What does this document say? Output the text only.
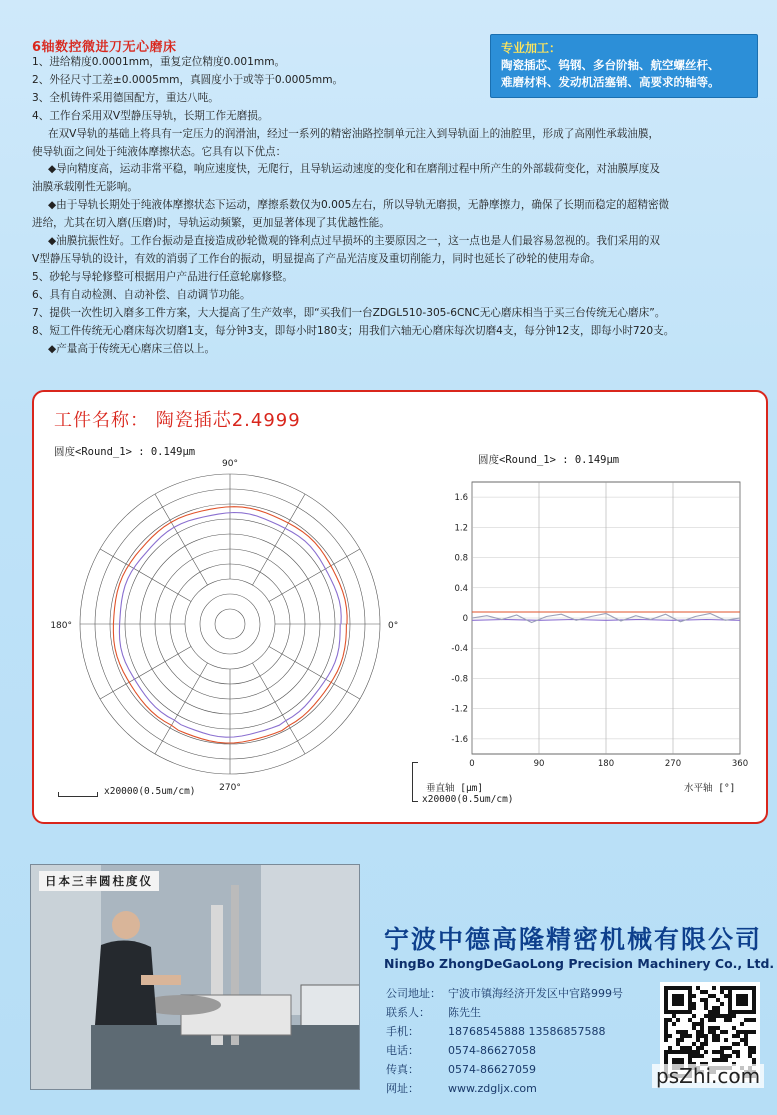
6轴数控微进刀无心磨床	专业加工：
陶瓷插芯、钨钢、多台阶轴、航空螺丝杆、
难磨材料、发动机活塞销、高要求的轴等。
1、进给精度0.0001mm，重复定位精度0.001mm。
2、外径尺寸工差±0.0005mm，真圆度小于或等于0.0005mm。
3、全机铸件采用德国配方，重达八吨。
4、工作台采用双V型静压导轨，长期工作无磨损。
在双V导轨的基础上将具有一定压力的润滑油，经过一系列的精密油路控制单元注入到导轨面上的油腔里，形成了高刚性承载油膜，
使导轨面之间处于纯液体摩擦状态。它具有以下优点：
◆导向精度高，运动非常平稳，响应速度快，无爬行，且导轨运动速度的变化和在磨削过程中所产生的外部载荷变化，对油膜厚度及
油膜承载刚性无影响。
◆由于导轨长期处于纯液体摩擦状态下运动，摩擦系数仅为0.005左右，所以导轨无磨损，无静摩擦力，确保了长期而稳定的超精密微
进给，尤其在切入磨(压磨)时，导轨运动频繁，更加显著体现了其优越性能。
◆油膜抗振性好。工作台振动是直接造成砂轮微观的锋利点过早损坏的主要原因之一，这一点也是人们最容易忽视的。我们采用的双
V型静压导轨的设计，有效的消弱了工作台的振动，明显提高了产品光洁度及重切削能力，同时也延长了砂轮的使用寿命。
5、砂轮与导轮修整可根据用户产品进行任意轮廓修整。
6、具有自动检测、自动补偿、自动调节功能。
7、提供一次性切入磨多工件方案，大大提高了生产效率，即“买我们一台ZDGL510-305-6CNC无心磨床相当于买三台传统无心磨床”。
8、短工件传统无心磨床每次切磨1支，每分钟3支，即每小时180支；用我们六轴无心磨床每次切磨4支，每分钟12支，即每小时720支。
◆产量高于传统无心磨床三倍以上。
工件名称： 陶瓷插芯2.4999
圆度<Round_1> : 0.149μm
圆度<Round_1> : 0.149μm
90°
180°	0°
270°
0	90	180	270	360
1.6
1.2
0.8
0.4
0
-0.4
-0.8
-1.2
-1.6
x20000(0.5um/cm)	垂直轴 [μm]
x20000(0.5um/cm)
水平轴 [°]
日本三丰圆柱度仪
宁波中德高隆精密机械有限公司
NingBo ZhongDeGaoLong Precision Machinery Co., Ltd.
公司地址： 宁波市镇海经济开发区中官路999号
联系人： 陈先生
手机：	18768545888 13586857588
电话：	0574-86627058
传真：	0574-86627059
网址：	www.zdgljx.com
psZhi.com
